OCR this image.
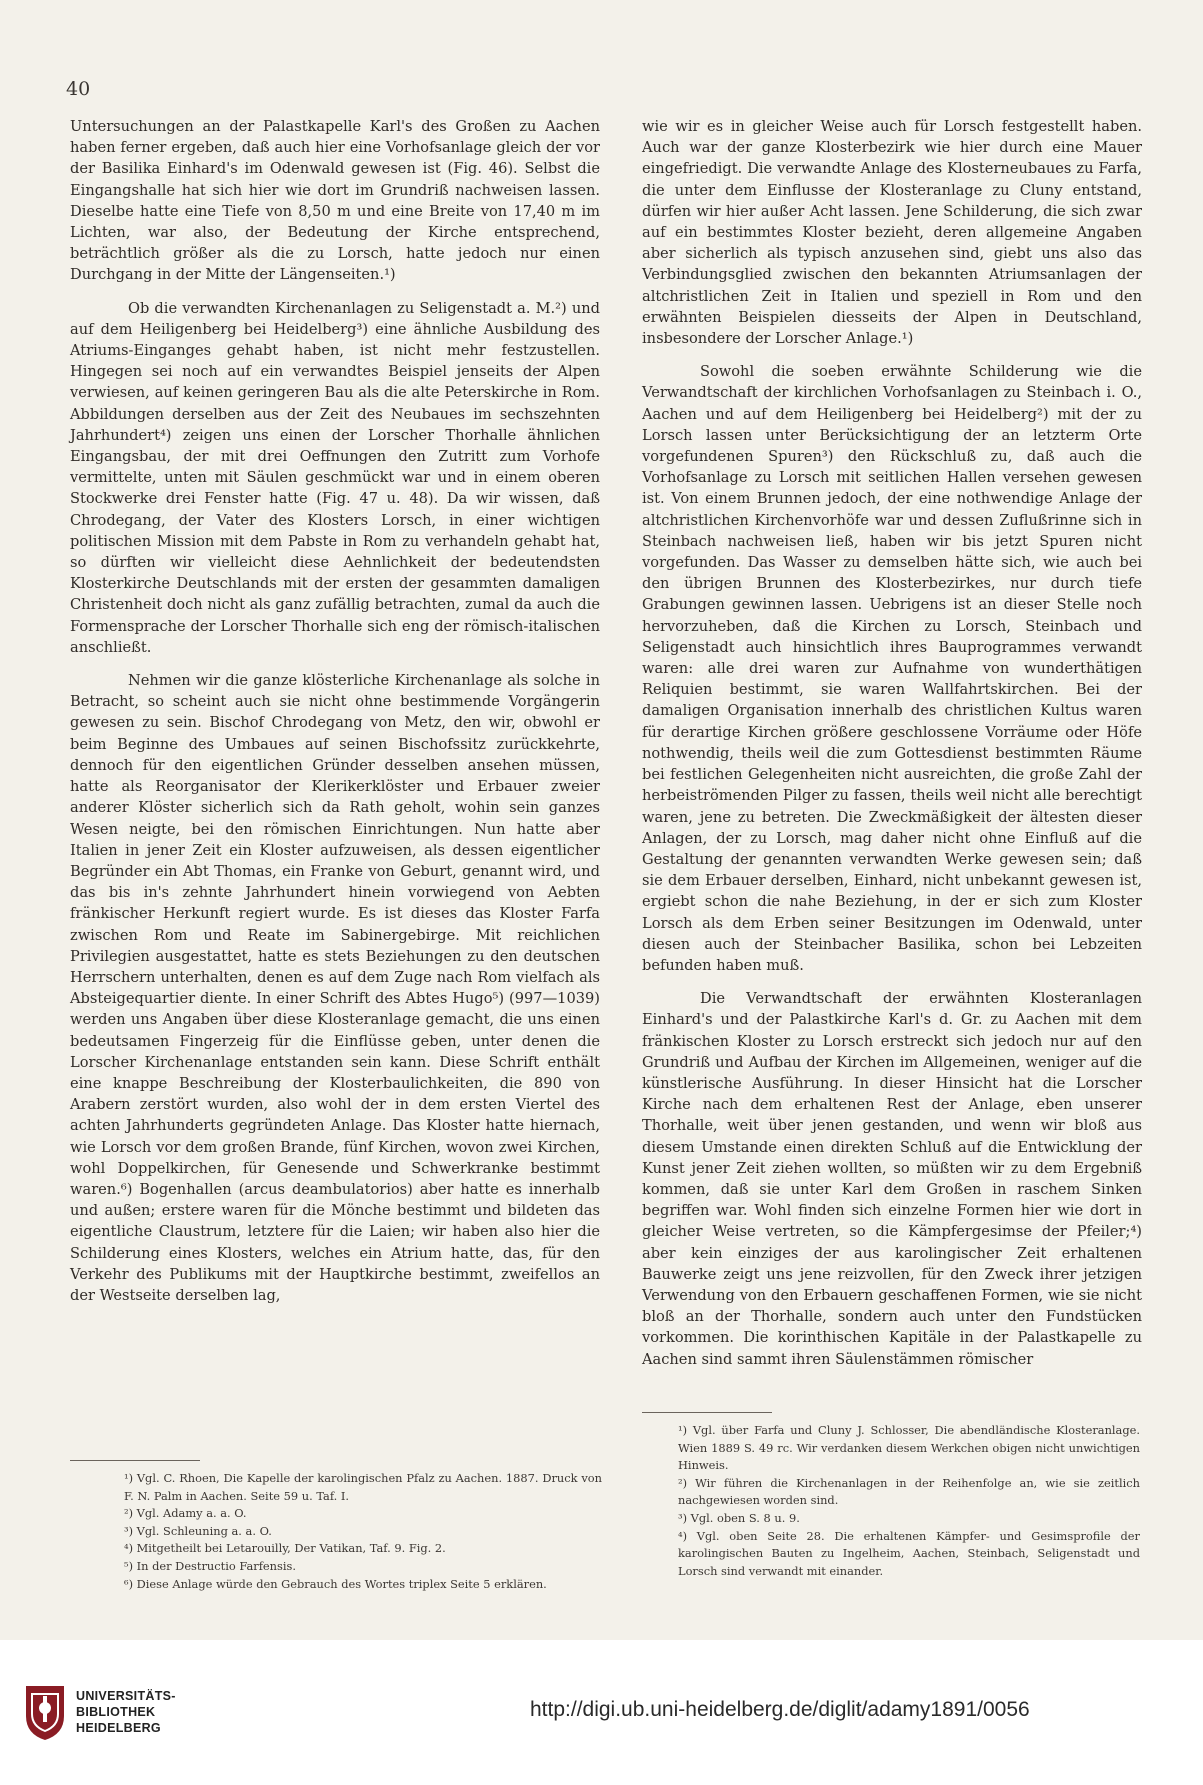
40

Untersuchungen an der Palastkapelle Karl's des Großen zu Aachen haben ferner ergeben, daß auch hier eine Vorhofsanlage gleich der vor der Basilika Einhard's im Odenwald gewesen ist (Fig. 46). Selbst die Eingangshalle hat sich hier wie dort im Grundriß nachweisen lassen. Dieselbe hatte eine Tiefe von 8,50 m und eine Breite von 17,40 m im Lichten, war also, der Bedeutung der Kirche entsprechend, beträchtlich größer als die zu Lorsch, hatte jedoch nur einen Durchgang in der Mitte der Längenseiten.¹)

Ob die verwandten Kirchenanlagen zu Seligenstadt a. M.²) und auf dem Heiligenberg bei Heidelberg³) eine ähnliche Ausbildung des Atriums-Einganges gehabt haben, ist nicht mehr festzustellen. Hingegen sei noch auf ein verwandtes Beispiel jenseits der Alpen verwiesen, auf keinen geringeren Bau als die alte Peterskirche in Rom. Abbildungen derselben aus der Zeit des Neubaues im sechszehnten Jahrhundert⁴) zeigen uns einen der Lorscher Thorhalle ähnlichen Eingangsbau, der mit drei Oeffnungen den Zutritt zum Vorhofe vermittelte, unten mit Säulen geschmückt war und in einem oberen Stockwerke drei Fenster hatte (Fig. 47 u. 48). Da wir wissen, daß Chrodegang, der Vater des Klosters Lorsch, in einer wichtigen politischen Mission mit dem Pabste in Rom zu verhandeln gehabt hat, so dürften wir vielleicht diese Aehnlichkeit der bedeutendsten Klosterkirche Deutschlands mit der ersten der gesammten damaligen Christenheit doch nicht als ganz zufällig betrachten, zumal da auch die Formensprache der Lorscher Thorhalle sich eng der römisch-italischen anschließt.

Nehmen wir die ganze klösterliche Kirchenanlage als solche in Betracht, so scheint auch sie nicht ohne bestimmende Vorgängerin gewesen zu sein. Bischof Chrodegang von Metz, den wir, obwohl er beim Beginne des Umbaues auf seinen Bischofssitz zurückkehrte, dennoch für den eigentlichen Gründer desselben ansehen müssen, hatte als Reorganisator der Klerikerklöster und Erbauer zweier anderer Klöster sicherlich sich da Rath geholt, wohin sein ganzes Wesen neigte, bei den römischen Einrichtungen. Nun hatte aber Italien in jener Zeit ein Kloster aufzuweisen, als dessen eigentlicher Begründer ein Abt Thomas, ein Franke von Geburt, genannt wird, und das bis in's zehnte Jahrhundert hinein vorwiegend von Aebten fränkischer Herkunft regiert wurde. Es ist dieses das Kloster Farfa zwischen Rom und Reate im Sabinergebirge. Mit reichlichen Privilegien ausgestattet, hatte es stets Beziehungen zu den deutschen Herrschern unterhalten, denen es auf dem Zuge nach Rom vielfach als Absteigequartier diente. In einer Schrift des Abtes Hugo⁵) (997—1039) werden uns Angaben über diese Klosteranlage gemacht, die uns einen bedeutsamen Fingerzeig für die Einflüsse geben, unter denen die Lorscher Kirchenanlage entstanden sein kann. Diese Schrift enthält eine knappe Beschreibung der Klosterbaulichkeiten, die 890 von Arabern zerstört wurden, also wohl der in dem ersten Viertel des achten Jahrhunderts gegründeten Anlage. Das Kloster hatte hiernach, wie Lorsch vor dem großen Brande, fünf Kirchen, wovon zwei Kirchen, wohl Doppelkirchen, für Genesende und Schwerkranke bestimmt waren.⁶) Bogenhallen (arcus deambulatorios) aber hatte es innerhalb und außen; erstere waren für die Mönche bestimmt und bildeten das eigentliche Claustrum, letztere für die Laien; wir haben also hier die Schilderung eines Klosters, welches ein Atrium hatte, das, für den Verkehr des Publikums mit der Hauptkirche bestimmt, zweifellos an der Westseite derselben lag,

wie wir es in gleicher Weise auch für Lorsch festgestellt haben. Auch war der ganze Klosterbezirk wie hier durch eine Mauer eingefriedigt. Die verwandte Anlage des Klosterneubaues zu Farfa, die unter dem Einflusse der Klosteranlage zu Cluny entstand, dürfen wir hier außer Acht lassen. Jene Schilderung, die sich zwar auf ein bestimmtes Kloster bezieht, deren allgemeine Angaben aber sicherlich als typisch anzusehen sind, giebt uns also das Verbindungsglied zwischen den bekannten Atriumsanlagen der altchristlichen Zeit in Italien und speziell in Rom und den erwähnten Beispielen diesseits der Alpen in Deutschland, insbesondere der Lorscher Anlage.¹)

Sowohl die soeben erwähnte Schilderung wie die Verwandtschaft der kirchlichen Vorhofsanlagen zu Steinbach i. O., Aachen und auf dem Heiligenberg bei Heidelberg²) mit der zu Lorsch lassen unter Berücksichtigung der an letzterm Orte vorgefundenen Spuren³) den Rückschluß zu, daß auch die Vorhofsanlage zu Lorsch mit seitlichen Hallen versehen gewesen ist. Von einem Brunnen jedoch, der eine nothwendige Anlage der altchristlichen Kirchenvorhöfe war und dessen Zuflußrinne sich in Steinbach nachweisen ließ, haben wir bis jetzt Spuren nicht vorgefunden. Das Wasser zu demselben hätte sich, wie auch bei den übrigen Brunnen des Klosterbezirkes, nur durch tiefe Grabungen gewinnen lassen. Uebrigens ist an dieser Stelle noch hervorzuheben, daß die Kirchen zu Lorsch, Steinbach und Seligenstadt auch hinsichtlich ihres Bauprogrammes verwandt waren: alle drei waren zur Aufnahme von wunderthätigen Reliquien bestimmt, sie waren Wallfahrtskirchen. Bei der damaligen Organisation innerhalb des christlichen Kultus waren für derartige Kirchen größere geschlossene Vorräume oder Höfe nothwendig, theils weil die zum Gottesdienst bestimmten Räume bei festlichen Gelegenheiten nicht ausreichten, die große Zahl der herbeiströmenden Pilger zu fassen, theils weil nicht alle berechtigt waren, jene zu betreten. Die Zweckmäßigkeit der ältesten dieser Anlagen, der zu Lorsch, mag daher nicht ohne Einfluß auf die Gestaltung der genannten verwandten Werke gewesen sein; daß sie dem Erbauer derselben, Einhard, nicht unbekannt gewesen ist, ergiebt schon die nahe Beziehung, in der er sich zum Kloster Lorsch als dem Erben seiner Besitzungen im Odenwald, unter diesen auch der Steinbacher Basilika, schon bei Lebzeiten befunden haben muß.

Die Verwandtschaft der erwähnten Klosteranlagen Einhard's und der Palastkirche Karl's d. Gr. zu Aachen mit dem fränkischen Kloster zu Lorsch erstreckt sich jedoch nur auf den Grundriß und Aufbau der Kirchen im Allgemeinen, weniger auf die künstlerische Ausführung. In dieser Hinsicht hat die Lorscher Kirche nach dem erhaltenen Rest der Anlage, eben unserer Thorhalle, weit über jenen gestanden, und wenn wir bloß aus diesem Umstande einen direkten Schluß auf die Entwicklung der Kunst jener Zeit ziehen wollten, so müßten wir zu dem Ergebniß kommen, daß sie unter Karl dem Großen in raschem Sinken begriffen war. Wohl finden sich einzelne Formen hier wie dort in gleicher Weise vertreten, so die Kämpfergesimse der Pfeiler;⁴) aber kein einziges der aus karolingischer Zeit erhaltenen Bauwerke zeigt uns jene reizvollen, für den Zweck ihrer jetzigen Verwendung von den Erbauern geschaffenen Formen, wie sie nicht bloß an der Thorhalle, sondern auch unter den Fundstücken vorkommen. Die korinthischen Kapitäle in der Palastkapelle zu Aachen sind sammt ihren Säulenstämmen römischer

¹) Vgl. C. Rhoen, Die Kapelle der karolingischen Pfalz zu Aachen. 1887. Druck von F. N. Palm in Aachen. Seite 59 u. Taf. I.

²) Vgl. Adamy a. a. O.

³) Vgl. Schleuning a. a. O.

⁴) Mitgetheilt bei Letarouilly, Der Vatikan, Taf. 9. Fig. 2.

⁵) In der Destructio Farfensis.

⁶) Diese Anlage würde den Gebrauch des Wortes triplex Seite 5 erklären.

¹) Vgl. über Farfa und Cluny J. Schlosser, Die abendländische Klosteranlage. Wien 1889 S. 49 rc. Wir verdanken diesem Werkchen obigen nicht unwichtigen Hinweis.

²) Wir führen die Kirchenanlagen in der Reihenfolge an, wie sie zeitlich nachgewiesen worden sind.

³) Vgl. oben S. 8 u. 9.

⁴) Vgl. oben Seite 28. Die erhaltenen Kämpfer- und Gesimsprofile der karolingischen Bauten zu Ingelheim, Aachen, Steinbach, Seligenstadt und Lorsch sind verwandt mit einander.

UNIVERSITÄTS-
BIBLIOTHEK
HEIDELBERG
http://digi.ub.uni-heidelberg.de/diglit/adamy1891/0056
